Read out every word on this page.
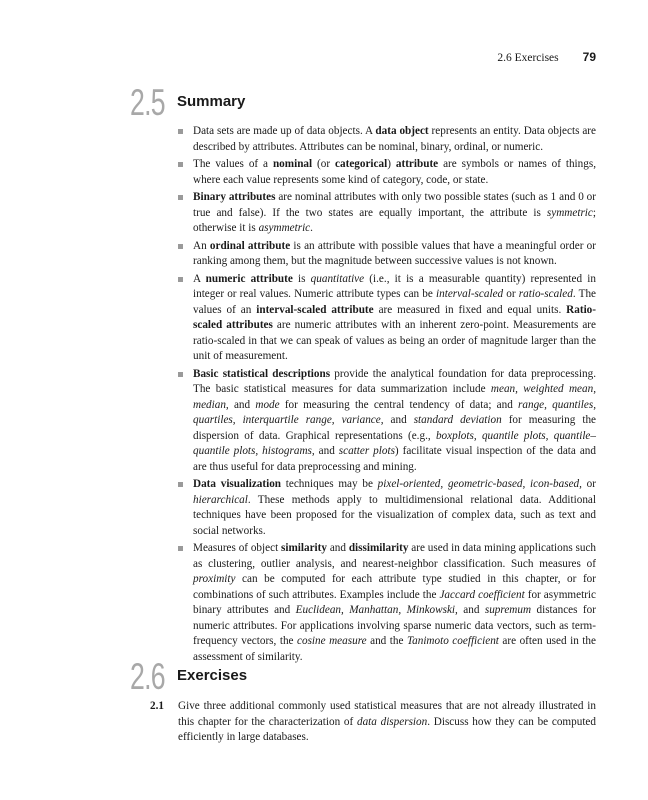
2.6 Exercises 79
2.5 Summary
Data sets are made up of data objects. A data object represents an entity. Data objects are described by attributes. Attributes can be nominal, binary, ordinal, or numeric.
The values of a nominal (or categorical) attribute are symbols or names of things, where each value represents some kind of category, code, or state.
Binary attributes are nominal attributes with only two possible states (such as 1 and 0 or true and false). If the two states are equally important, the attribute is symmetric; otherwise it is asymmetric.
An ordinal attribute is an attribute with possible values that have a meaningful order or ranking among them, but the magnitude between successive values is not known.
A numeric attribute is quantitative (i.e., it is a measurable quantity) represented in integer or real values. Numeric attribute types can be interval-scaled or ratio-scaled. The values of an interval-scaled attribute are measured in fixed and equal units. Ratio-scaled attributes are numeric attributes with an inherent zero-point. Measurements are ratio-scaled in that we can speak of values as being an order of magnitude larger than the unit of measurement.
Basic statistical descriptions provide the analytical foundation for data preprocessing. The basic statistical measures for data summarization include mean, weighted mean, median, and mode for measuring the central tendency of data; and range, quantiles, quartiles, interquartile range, variance, and standard deviation for measuring the dispersion of data. Graphical representations (e.g., boxplots, quantile plots, quantile–quantile plots, histograms, and scatter plots) facilitate visual inspection of the data and are thus useful for data preprocessing and mining.
Data visualization techniques may be pixel-oriented, geometric-based, icon-based, or hierarchical. These methods apply to multidimensional relational data. Additional techniques have been proposed for the visualization of complex data, such as text and social networks.
Measures of object similarity and dissimilarity are used in data mining applications such as clustering, outlier analysis, and nearest-neighbor classification. Such measures of proximity can be computed for each attribute type studied in this chapter, or for combinations of such attributes. Examples include the Jaccard coefficient for asymmetric binary attributes and Euclidean, Manhattan, Minkowski, and supremum distances for numeric attributes. For applications involving sparse numeric data vectors, such as term-frequency vectors, the cosine measure and the Tanimoto coefficient are often used in the assessment of similarity.
2.6 Exercises
2.1 Give three additional commonly used statistical measures that are not already illustrated in this chapter for the characterization of data dispersion. Discuss how they can be computed efficiently in large databases.
